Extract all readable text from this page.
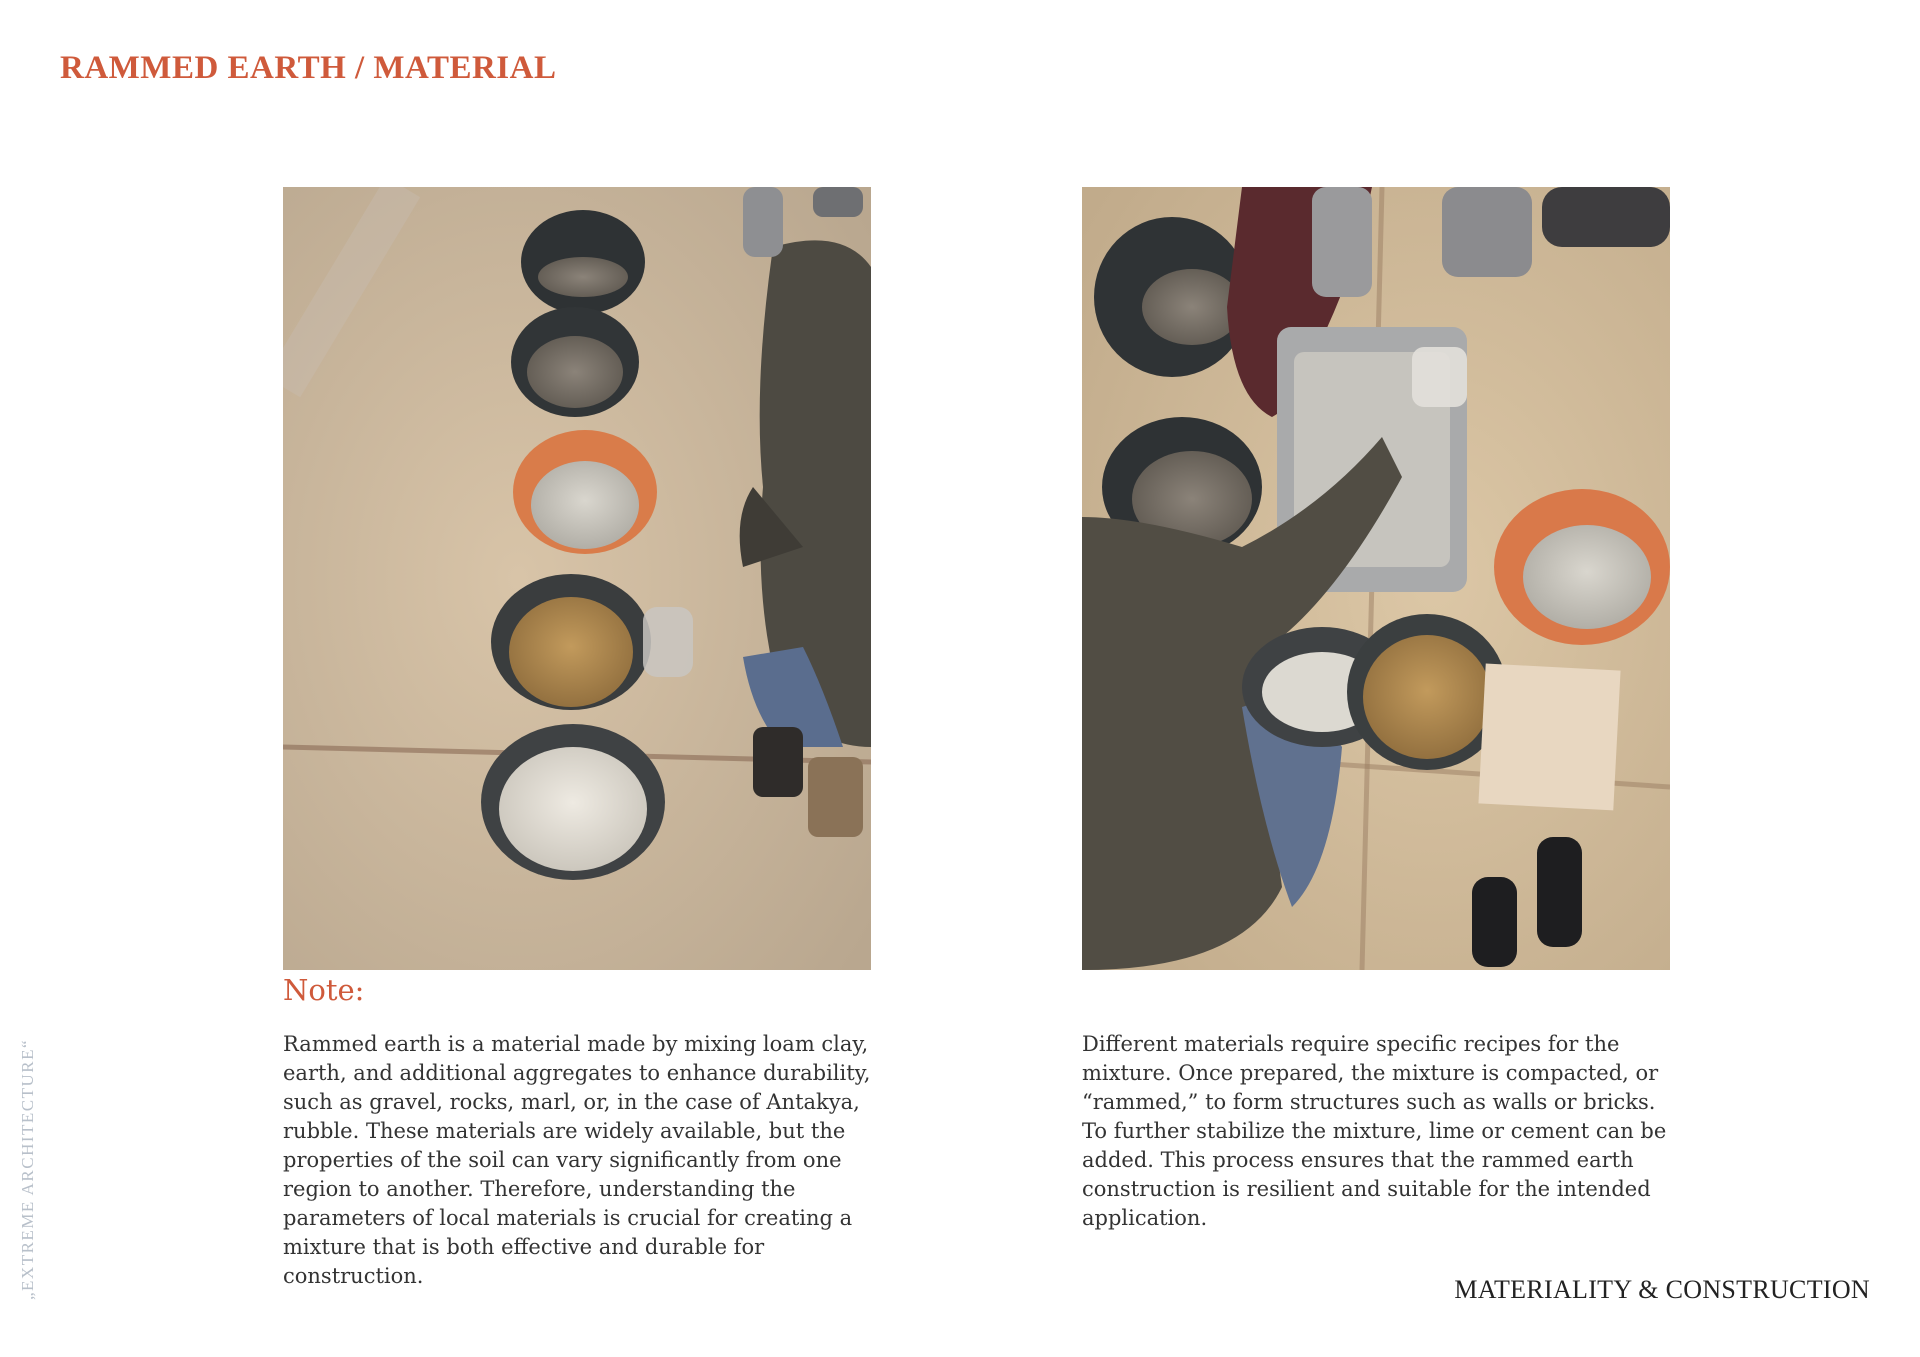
RAMMED EARTH / MATERIAL
„EXTREME ARCHITECTURE“
Note:

Rammed earth is a material made by mixing loam clay, earth, and additional aggregates to enhance durability, such as gravel, rocks, marl, or, in the case of Antakya, rubble. These materials are widely available, but the properties of the soil can vary significantly from one region to another. Therefore, understanding the parameters of local materials is crucial for creating a mixture that is both effective and durable for construction.

Different materials require specific recipes for the mixture. Once prepared, the mixture is compacted, or “rammed,” to form structures such as walls or bricks. To further stabilize the mixture, lime or cement can be added. This process ensures that the rammed earth construction is resilient and suitable for the intended application.

MATERIALITY & CONSTRUCTION
